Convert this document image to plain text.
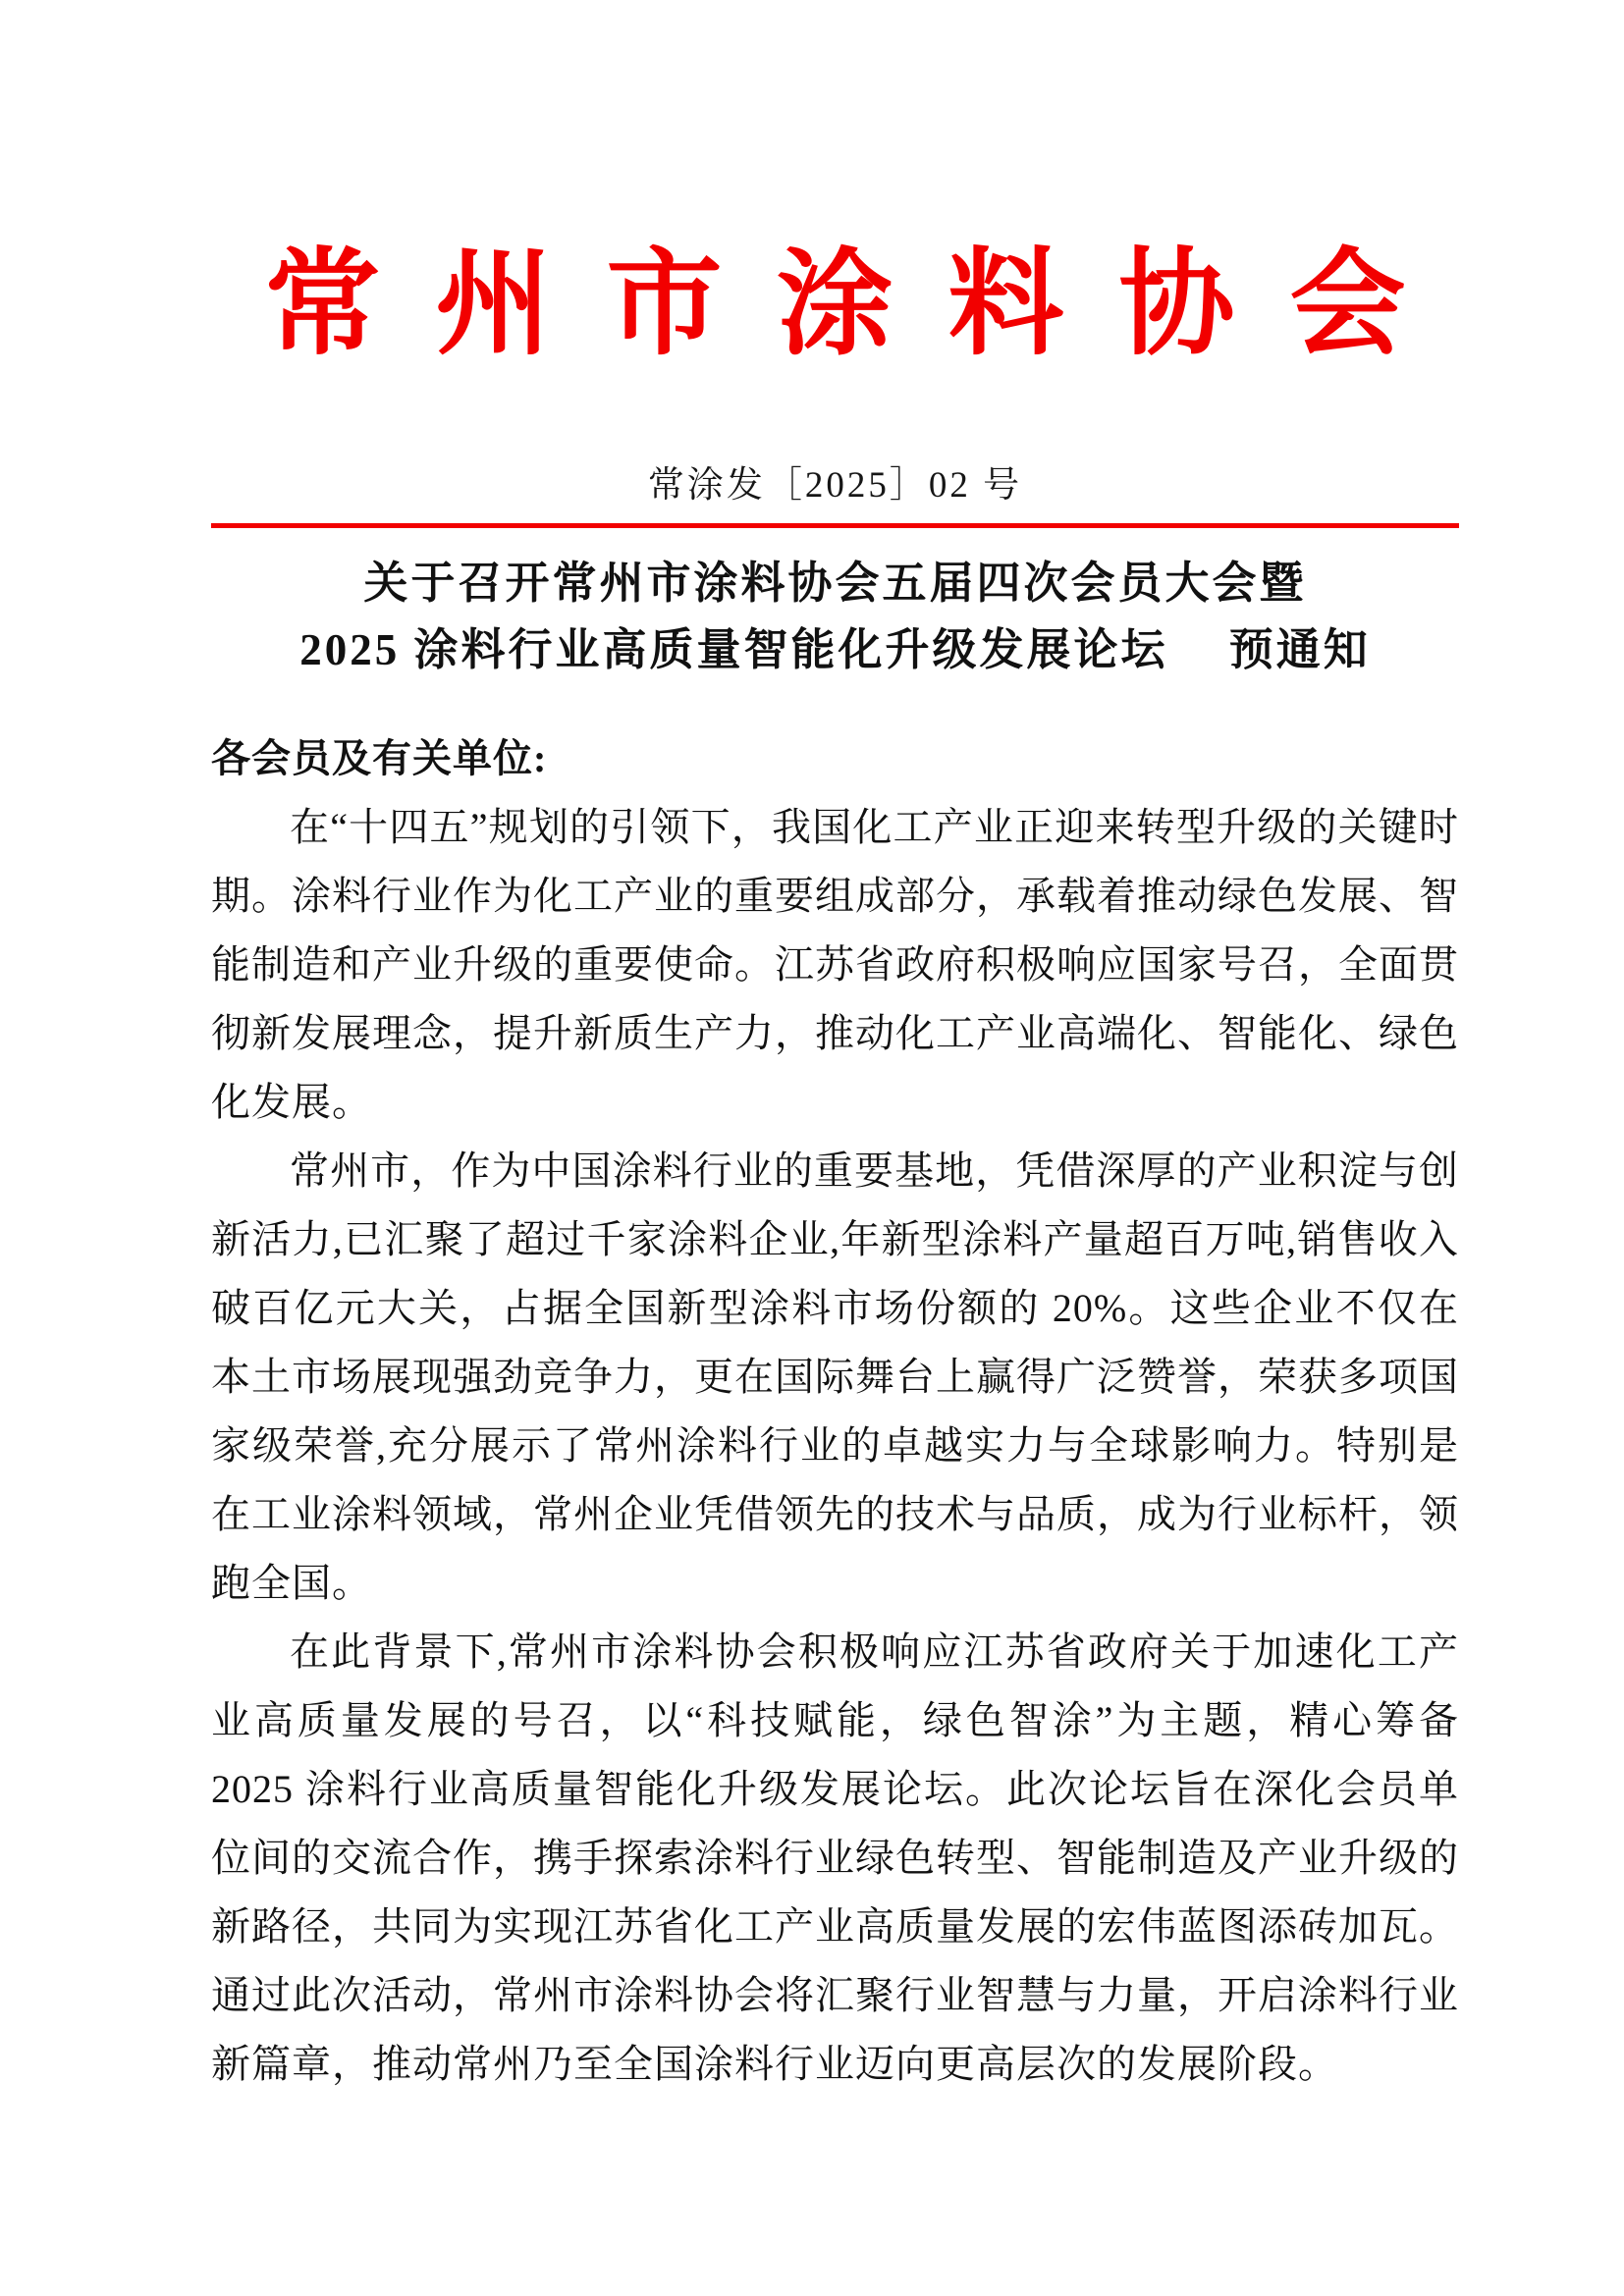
常州市涂料协会
常涂发［2025］02 号
关于召开常州市涂料协会五届四次会员大会暨
2025 涂料行业高质量智能化升级发展论坛　 预通知

各会员及有关单位:

在“十四五”规划的引领下，我国化工产业正迎来转型升级的关键时期。涂料行业作为化工产业的重要组成部分，承载着推动绿色发展、智能制造和产业升级的重要使命。江苏省政府积极响应国家号召，全面贯彻新发展理念，提升新质生产力，推动化工产业高端化、智能化、绿色化发展。

常州市，作为中国涂料行业的重要基地，凭借深厚的产业积淀与创新活力,已汇聚了超过千家涂料企业,年新型涂料产量超百万吨,销售收入破百亿元大关，占据全国新型涂料市场份额的 20%。这些企业不仅在本土市场展现强劲竞争力，更在国际舞台上赢得广泛赞誉，荣获多项国家级荣誉,充分展示了常州涂料行业的卓越实力与全球影响力。特别是在工业涂料领域，常州企业凭借领先的技术与品质，成为行业标杆，领跑全国。

在此背景下,常州市涂料协会积极响应江苏省政府关于加速化工产业高质量发展的号召，以“科技赋能，绿色智涂”为主题，精心筹备 2025 涂料行业高质量智能化升级发展论坛。此次论坛旨在深化会员单位间的交流合作，携手探索涂料行业绿色转型、智能制造及产业升级的新路径，共同为实现江苏省化工产业高质量发展的宏伟蓝图添砖加瓦。通过此次活动，常州市涂料协会将汇聚行业智慧与力量，开启涂料行业新篇章，推动常州乃至全国涂料行业迈向更高层次的发展阶段。
